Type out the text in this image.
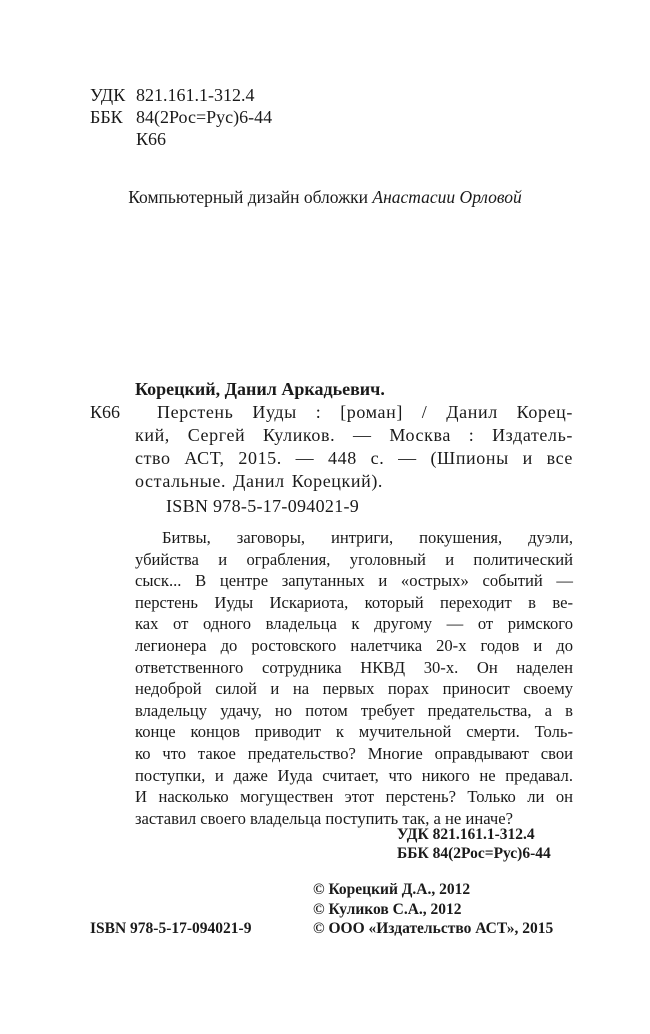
УДК 821.161.1-312.4
ББК 84(2Рос=Рус)6-44
К66
Компьютерный дизайн обложки Анастасии Орловой
Корецкий, Данил Аркадьевич.
К66	Перстень Иуды : [роман] / Данил Корец-
кий, Сергей Куликов. — Москва : Издатель-
ство АСТ, 2015. — 448 с. — (Шпионы и все
остальные. Данил Корецкий).
ISBN 978-5-17-094021-9
Битвы, заговоры, интриги, покушения, дуэли,
убийства и ограбления, уголовный и политический
сыск... В центре запутанных и «острых» событий —
перстень Иуды Искариота, который переходит в ве-
ках от одного владельца к другому — от римского
легионера до ростовского налетчика 20-х годов и до
ответственного сотрудника НКВД 30-х. Он наделен
недоброй силой и на первых порах приносит своему
владельцу удачу, но потом требует предательства, а в
конце концов приводит к мучительной смерти. Толь-
ко что такое предательство? Многие оправдывают свои
поступки, и даже Иуда считает, что никого не предавал.
И насколько могуществен этот перстень? Только ли он
заставил своего владельца поступить так, а не иначе?
УДК 821.161.1-312.4
ББК 84(2Рос=Рус)6-44
© Корецкий Д.А., 2012
© Куликов С.А., 2012
© ООО «Издательство АСТ», 2015
ISBN 978-5-17-094021-9
